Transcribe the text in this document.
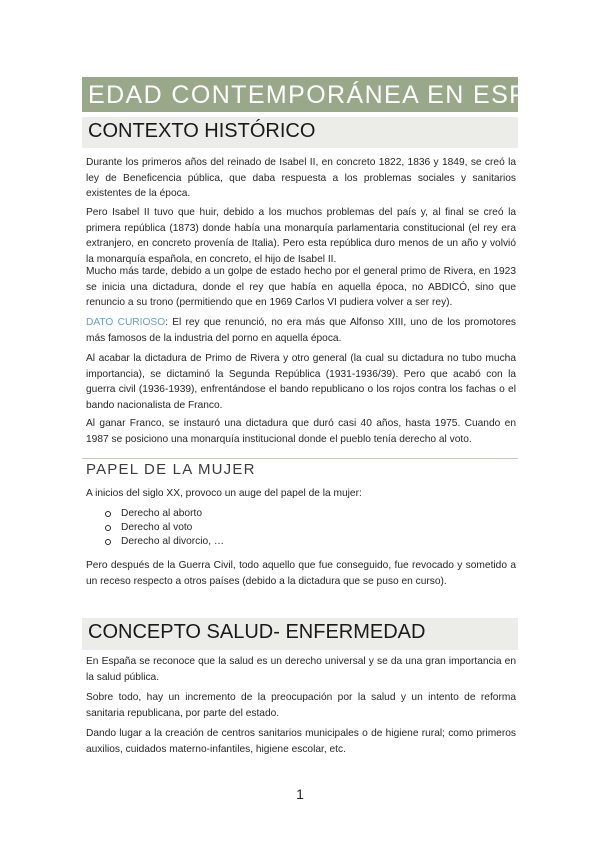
EDAD CONTEMPORÁNEA EN ESPAÑA
CONTEXTO HISTÓRICO

Durante los primeros años del reinado de Isabel II, en concreto 1822, 1836 y 1849, se creó la ley de Beneficencia pública, que daba respuesta a los problemas sociales y sanitarios existentes de la época.

Pero Isabel II tuvo que huir, debido a los muchos problemas del país y, al final se creó la primera república (1873) donde había una monarquía parlamentaria constitucional (el rey era extranjero, en concreto provenía de Italia). Pero esta república duro menos de un año y volvió la monarquía española, en concreto, el hijo de Isabel II.

Mucho más tarde, debido a un golpe de estado hecho por el general primo de Rivera, en 1923 se inicia una dictadura, donde el rey que había en aquella época, no ABDICÓ, sino que renuncio a su trono (permitiendo que en 1969 Carlos VI pudiera volver a ser rey).

DATO CURIOSO: El rey que renunció, no era más que Alfonso XIII, uno de los promotores más famosos de la industria del porno en aquella época.

Al acabar la dictadura de Primo de Rivera y otro general (la cual su dictadura no tubo mucha importancia), se dictaminó la Segunda República (1931-1936/39). Pero que acabó con la guerra civil (1936-1939), enfrentándose el bando republicano o los rojos contra los fachas o el bando nacionalista de Franco.

Al ganar Franco, se instauró una dictadura que duró casi 40 años, hasta 1975. Cuando en 1987 se posiciono una monarquía institucional donde el pueblo tenía derecho al voto.

PAPEL DE LA MUJER

A inicios del siglo XX, provoco un auge del papel de la mujer:

Derecho al aborto
Derecho al voto
Derecho al divorcio, …

Pero después de la Guerra Civil, todo aquello que fue conseguido, fue revocado y sometido a un receso respecto a otros países (debido a la dictadura que se puso en curso).

CONCEPTO SALUD- ENFERMEDAD

En España se reconoce que la salud es un derecho universal y se da una gran importancia en la salud pública.

Sobre todo, hay un incremento de la preocupación por la salud y un intento de reforma sanitaria republicana, por parte del estado.

Dando lugar a la creación de centros sanitarios municipales o de higiene rural; como primeros auxilios, cuidados materno-infantiles, higiene escolar, etc.

1
